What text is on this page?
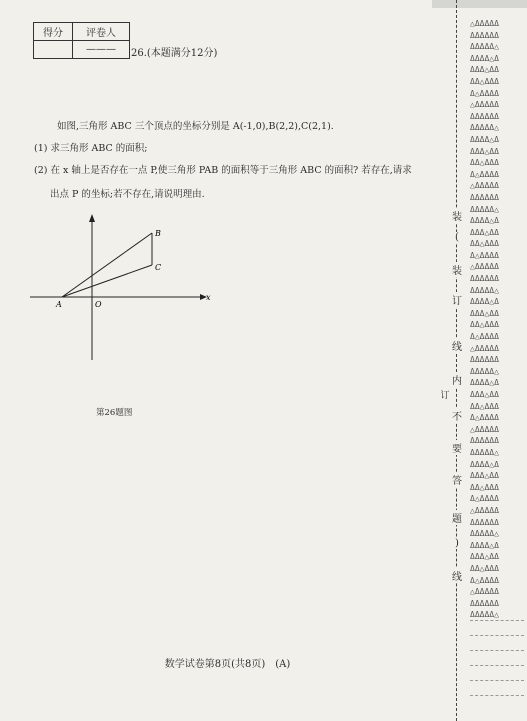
得分	评卷人
	——— 26.(本题满分12分)
如图,三角形 ABC 三个顶点的坐标分别是 A(-1,0),B(2,2),C(2,1).
(1) 求三角形 ABC 的面积;
(2) 在 x 轴上是否存在一点 P,使三角形 PAB 的面积等于三角形 ABC 的面积? 若存在,请求
出点 P 的坐标;若不存在,请说明理由.
A	O
B
C
x
第26题图
数学试卷第8页(共8页)　(A)
装
(
装
订
线
内
不
要
答
题
)
线
订
△ΔΔΔΔΔ
ΔΔΔΔΔΔ
ΔΔΔΔΔ△
ΔΔΔΔ△Δ
ΔΔΔ△ΔΔ
ΔΔ△ΔΔΔ
Δ△ΔΔΔΔ
△ΔΔΔΔΔ
ΔΔΔΔΔΔ
ΔΔΔΔΔ△
ΔΔΔΔ△Δ
ΔΔΔ△ΔΔ
ΔΔ△ΔΔΔ
Δ△ΔΔΔΔ
△ΔΔΔΔΔ
ΔΔΔΔΔΔ
ΔΔΔΔΔ△
ΔΔΔΔ△Δ
ΔΔΔ△ΔΔ
ΔΔ△ΔΔΔ
Δ△ΔΔΔΔ
△ΔΔΔΔΔ
ΔΔΔΔΔΔ
ΔΔΔΔΔ△
ΔΔΔΔ△Δ
ΔΔΔ△ΔΔ
ΔΔ△ΔΔΔ
Δ△ΔΔΔΔ
△ΔΔΔΔΔ
ΔΔΔΔΔΔ
ΔΔΔΔΔ△
ΔΔΔΔ△Δ
ΔΔΔ△ΔΔ
ΔΔ△ΔΔΔ
Δ△ΔΔΔΔ
△ΔΔΔΔΔ
ΔΔΔΔΔΔ
ΔΔΔΔΔ△
ΔΔΔΔ△Δ
ΔΔΔ△ΔΔ
ΔΔ△ΔΔΔ
Δ△ΔΔΔΔ
△ΔΔΔΔΔ
ΔΔΔΔΔΔ
ΔΔΔΔΔ△
ΔΔΔΔ△Δ
ΔΔΔ△ΔΔ
ΔΔ△ΔΔΔ
Δ△ΔΔΔΔ
△ΔΔΔΔΔ
ΔΔΔΔΔΔ
ΔΔΔΔΔ△
